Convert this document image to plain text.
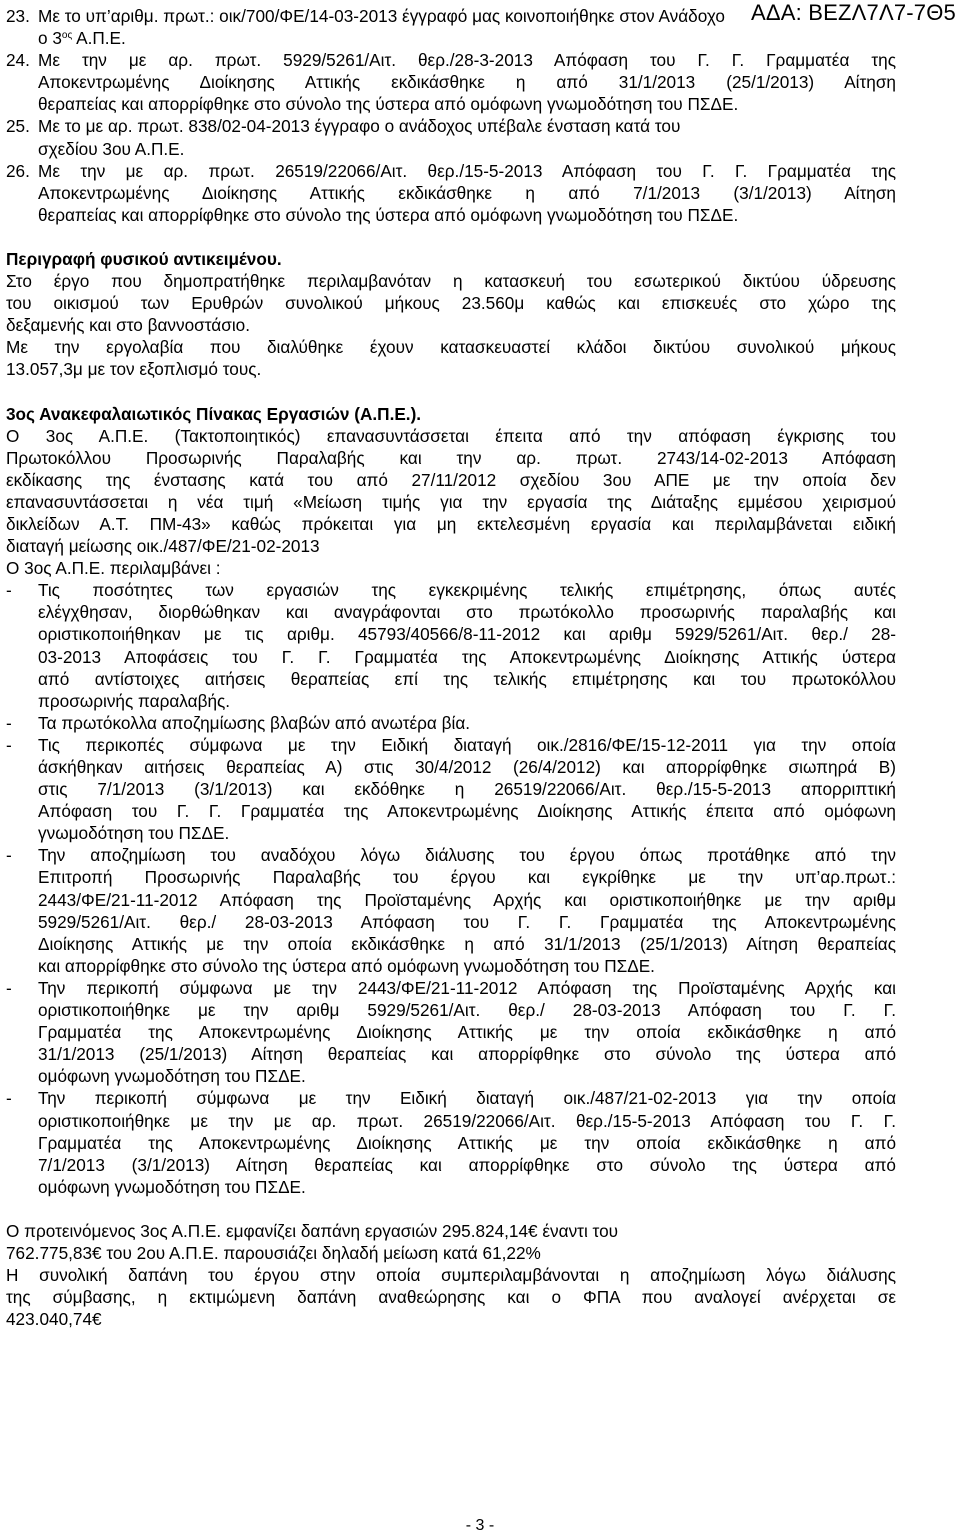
ΑΔΑ: ΒΕΖΛ7Λ7-7Θ5
23. Με το υπ’αριθμ. πρωτ.: οικ/700/ΦΕ/14-03-2013 έγγραφό μας κοινοποιήθηκε στον Ανάδοχο
ο $3^{o\varsigma}$ Α.Π.Ε.
24. Με την με αρ. πρωτ. 5929/5261/Αιτ. θερ./28-3-2013 Απόφαση του Γ. Γ. Γραμματέα της
Αποκεντρωμένης Διοίκησης Αττικής εκδικάσθηκε η από 31/1/2013 (25/1/2013) Αίτηση
θεραπείας και απορρίφθηκε στο σύνολο της ύστερα από ομόφωνη γνωμοδότηση του ΠΣΔΕ.
25. Με το με αρ. πρωτ. 838/02-04-2013 έγγραφο ο ανάδοχος υπέβαλε ένσταση κατά του
σχεδίου 3ου Α.Π.Ε.
26. Με την με αρ. πρωτ. 26519/22066/Αιτ. θερ./15-5-2013 Απόφαση του Γ. Γ. Γραμματέα της
Αποκεντρωμένης Διοίκησης Αττικής εκδικάσθηκε η από 7/1/2013 (3/1/2013) Αίτηση
θεραπείας και απορρίφθηκε στο σύνολο της ύστερα από ομόφωνη γνωμοδότηση του ΠΣΔΕ.
Περιγραφή φυσικού αντικειμένου.
Στο έργο που δημοπρατήθηκε περιλαμβανόταν η κατασκευή του εσωτερικού δικτύου ύδρευσης
του οικισμού των Ερυθρών συνολικού μήκους 23.560μ καθώς και επισκευές στο χώρο της
δεξαμενής και στο βαννοστάσιο.
Με την εργολαβία που διαλύθηκε έχουν κατασκευαστεί κλάδοι δικτύου συνολικού μήκους
13.057,3μ με τον εξοπλισμό τους.
3ος Ανακεφαλαιωτικός Πίνακας Εργασιών (Α.Π.Ε.).
Ο 3ος Α.Π.Ε. (Τακτοποιητικός) επανασυντάσσεται έπειτα από την απόφαση έγκρισης του
Πρωτοκόλλου Προσωρινής Παραλαβής και την αρ. πρωτ. 2743/14-02-2013 Απόφαση
εκδίκασης της ένστασης κατά του από 27/11/2012 σχεδίου 3ου ΑΠΕ με την οποία δεν
επανασυντάσσεται η νέα τιμή «Μείωση τιμής για την εργασία της Διάταξης εμμέσου χειρισμού
δικλείδων Α.Τ. ΠΜ-43» καθώς πρόκειται για μη εκτελεσμένη εργασία και περιλαμβάνεται ειδική
διαταγή μείωσης οικ./487/ΦΕ/21-02-2013
Ο 3ος Α.Π.Ε. περιλαμβάνει :
-	Τις ποσότητες των εργασιών της εγκεκριμένης τελικής επιμέτρησης, όπως αυτές
ελέγχθησαν, διορθώθηκαν και αναγράφονται στο πρωτόκολλο προσωρινής παραλαβής και
οριστικοποιήθηκαν με τις αριθμ. 45793/40566/8-11-2012 και αριθμ 5929/5261/Αιτ. θερ./ 28-
03-2013 Αποφάσεις του Γ. Γ. Γραμματέα της Αποκεντρωμένης Διοίκησης Αττικής ύστερα
από αντίστοιχες αιτήσεις θεραπείας επί της τελικής επιμέτρησης και του πρωτοκόλλου
προσωρινής παραλαβής.
-	Τα πρωτόκολλα αποζημίωσης βλαβών από ανωτέρα βία.
-	Τις περικοπές σύμφωνα με την Ειδική διαταγή οικ./2816/ΦΕ/15-12-2011 για την οποία
άσκήθηκαν αιτήσεις θεραπείας Α) στις 30/4/2012 (26/4/2012) και απορρίφθηκε σιωπηρά Β)
στις 7/1/2013 (3/1/2013) και εκδόθηκε η 26519/22066/Αιτ. θερ./15-5-2013 απορριπτική
Απόφαση του Γ. Γ. Γραμματέα της Αποκεντρωμένης Διοίκησης Αττικής έπειτα από ομόφωνη
γνωμοδότηση του ΠΣΔΕ.
-	Την αποζημίωση του αναδόχου λόγω διάλυσης του έργου όπως προτάθηκε από την
Επιτροπή Προσωρινής Παραλαβής του έργου και εγκρίθηκε με την υπ’αρ.πρωτ.:
2443/ΦΕ/21-11-2012 Απόφαση της Προϊσταμένης Αρχής και οριστικοποιήθηκε με την αριθμ
5929/5261/Αιτ. θερ./ 28-03-2013 Απόφαση του Γ. Γ. Γραμματέα της Αποκεντρωμένης
Διοίκησης Αττικής με την οποία εκδικάσθηκε η από 31/1/2013 (25/1/2013) Αίτηση θεραπείας
και απορρίφθηκε στο σύνολο της ύστερα από ομόφωνη γνωμοδότηση του ΠΣΔΕ.
-	Την περικοπή σύμφωνα με την 2443/ΦΕ/21-11-2012 Απόφαση της Προϊσταμένης Αρχής και
οριστικοποιήθηκε με την αριθμ 5929/5261/Αιτ. θερ./ 28-03-2013 Απόφαση του Γ. Γ.
Γραμματέα της Αποκεντρωμένης Διοίκησης Αττικής με την οποία εκδικάσθηκε η από
31/1/2013 (25/1/2013) Αίτηση θεραπείας και απορρίφθηκε στο σύνολο της ύστερα από
ομόφωνη γνωμοδότηση του ΠΣΔΕ.
-	Την περικοπή σύμφωνα με την Ειδική διαταγή οικ./487/21-02-2013 για την οποία
οριστικοποιήθηκε με την με αρ. πρωτ. 26519/22066/Αιτ. θερ./15-5-2013 Απόφαση του Γ. Γ.
Γραμματέα της Αποκεντρωμένης Διοίκησης Αττικής με την οποία εκδικάσθηκε η από
7/1/2013 (3/1/2013) Αίτηση θεραπείας και απορρίφθηκε στο σύνολο της ύστερα από
ομόφωνη γνωμοδότηση του ΠΣΔΕ.
Ο προτεινόμενος 3ος Α.Π.Ε. εμφανίζει δαπάνη εργασιών 295.824,14€ έναντι του
762.775,83€ του 2ου Α.Π.Ε. παρουσιάζει δηλαδή μείωση κατά 61,22%
Η συνολική δαπάνη του έργου στην οποία συμπεριλαμβάνονται η αποζημίωση λόγω διάλυσης
της σύμβασης, η εκτιμώμενη δαπάνη αναθεώρησης και ο ΦΠΑ που αναλογεί ανέρχεται σε
423.040,74€
- 3 -
